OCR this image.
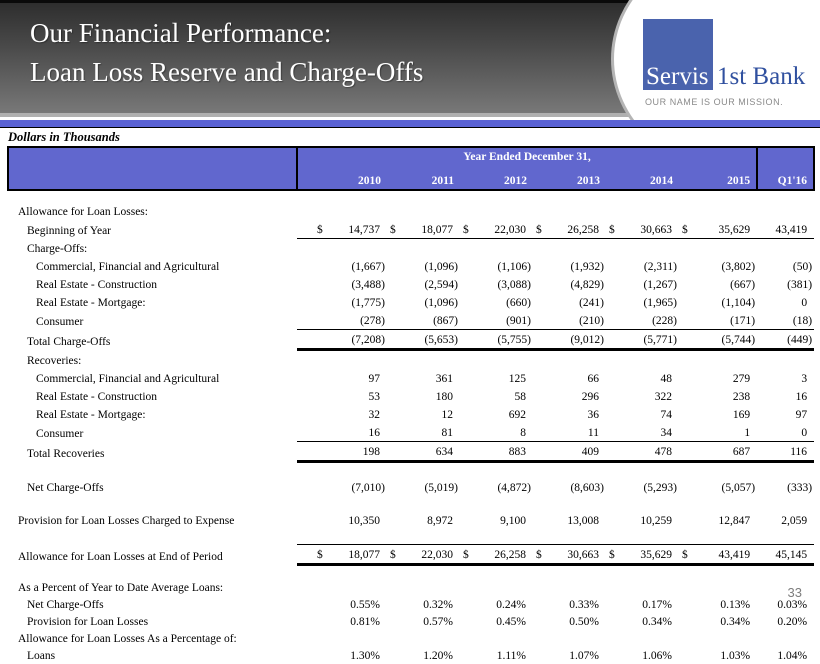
Our Financial Performance:
Loan Loss Reserve and Charge-Offs	Servis 1st Bank
OUR NAME IS OUR MISSION.
Dollars in Thousands
	Year Ended December 31,						
	2010	2011	2012	2013	2014	2015	Q1'16

Allowance for Loan Losses:							
Beginning of Year	$ 14,737	$ 18,077	$ 22,030	$ 26,258	$ 30,663	$ 35,629	43,419
Charge-Offs:							
Commercial, Financial and Agricultural	(1,667)	(1,096)	(1,106)	(1,932)	(2,311)	(3,802)	(50)
Real Estate - Construction	(3,488)	(2,594)	(3,088)	(4,829)	(1,267)	(667)	(381)
Real Estate - Mortgage:	(1,775)	(1,096)	(660)	(241)	(1,965)	(1,104)	0
Consumer	(278)	(867)	(901)	(210)	(228)	(171)	(18)
Total Charge-Offs	(7,208)	(5,653)	(5,755)	(9,012)	(5,771)	(5,744)	(449)
Recoveries:							
Commercial, Financial and Agricultural	97	361	125	66	48	279	3
Real Estate - Construction	53	180	58	296	322	238	16
Real Estate - Mortgage:	32	12	692	36	74	169	97
Consumer	16	81	8	11	34	1	0
Total Recoveries	198	634	883	409	478	687	116

Net Charge-Offs	(7,010)	(5,019)	(4,872)	(8,603)	(5,293)	(5,057)	(333)

Provision for Loan Losses Charged to Expense	10,350	8,972	9,100	13,008	10,259	12,847	2,059

Allowance for Loan Losses at End of Period	$ 18,077	$ 22,030	$ 26,258	$ 30,663	$ 35,629	$ 43,419	45,145

As a Percent of Year to Date Average Loans:							
Net Charge-Offs	0.55%	0.32%	0.24%	0.33%	0.17%	0.13%	0.03%
Provision for Loan Losses	0.81%	0.57%	0.45%	0.50%	0.34%	0.34%	0.20%
Allowance for Loan Losses As a Percentage of:							
Loans	1.30%	1.20%	1.11%	1.07%	1.06%	1.03%	1.04%
33
